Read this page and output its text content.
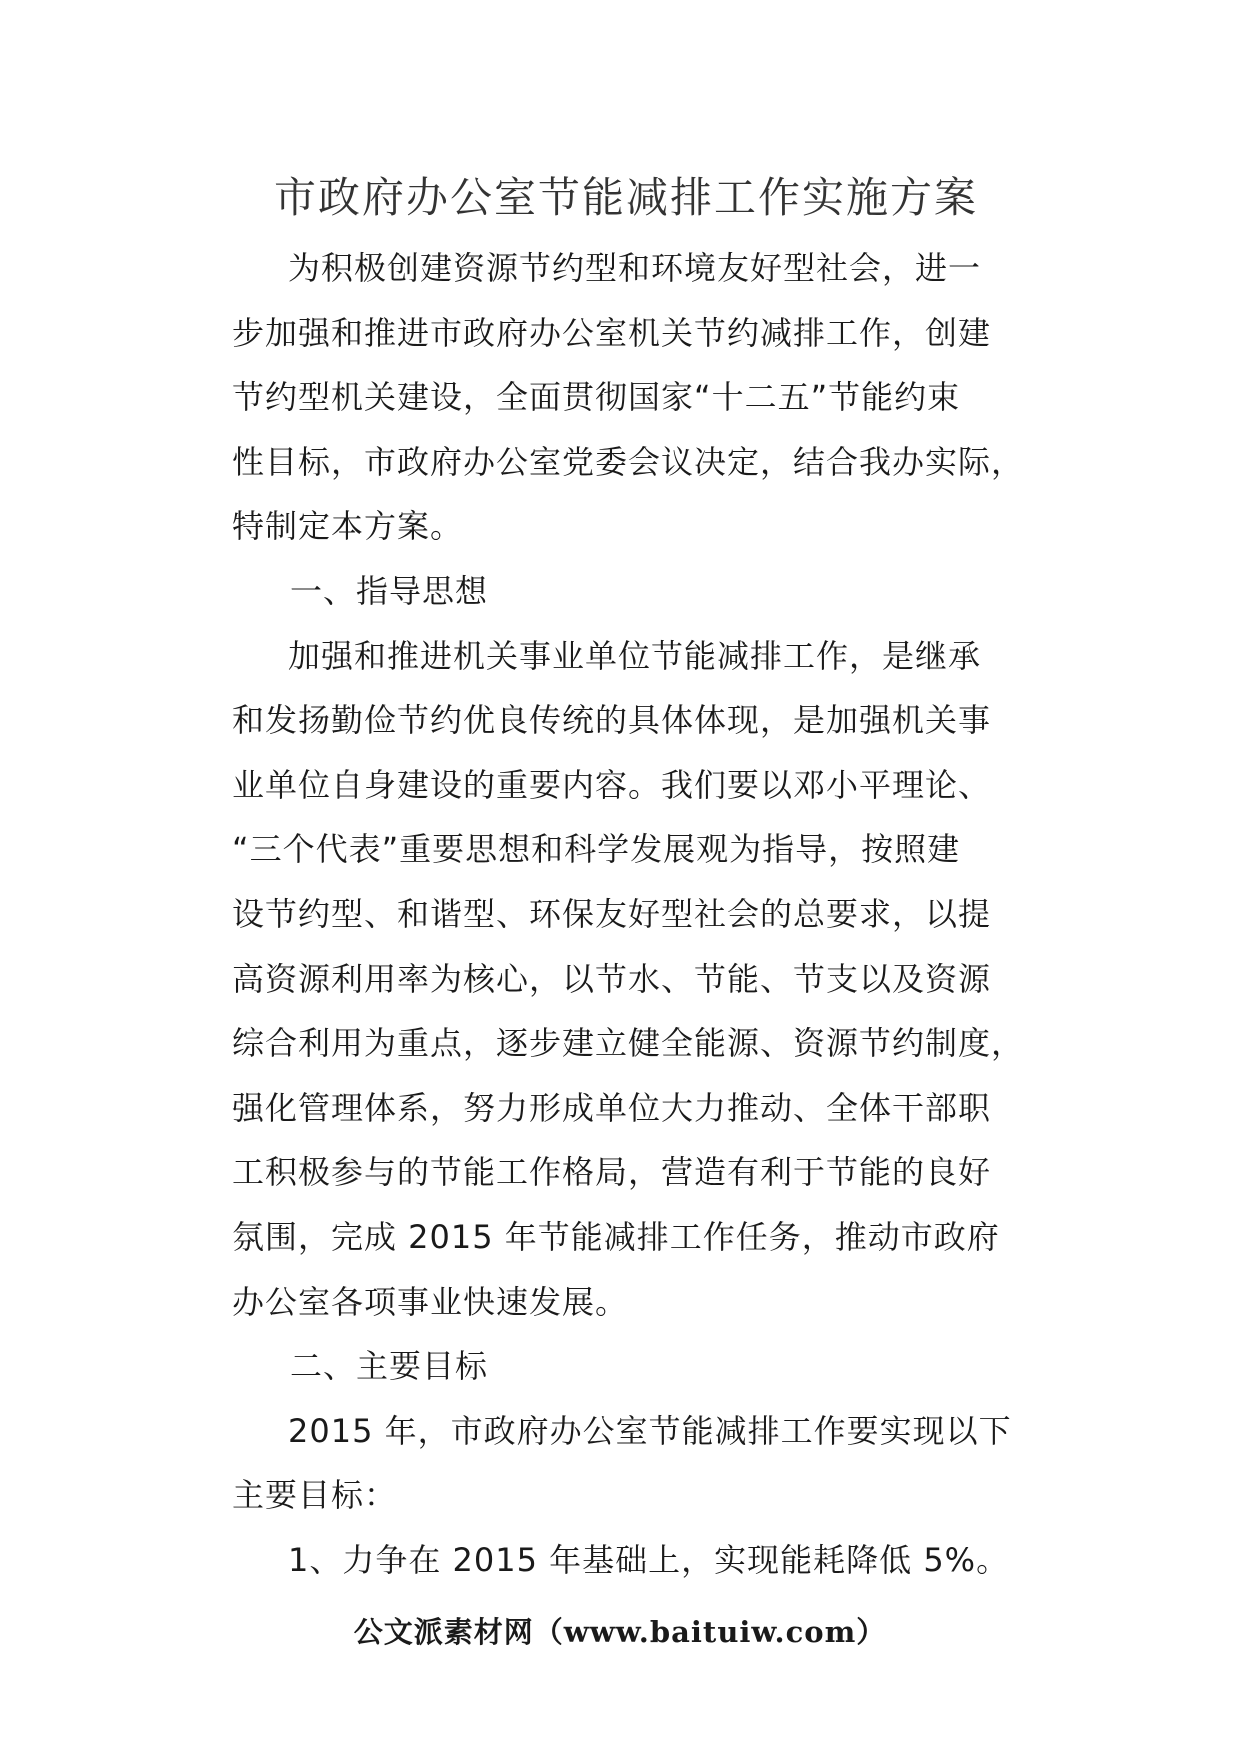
市政府办公室节能减排工作实施方案
为积极创建资源节约型和环境友好型社会，进一
步加强和推进市政府办公室机关节约减排工作，创建
节约型机关建设，全面贯彻国家“十二五”节能约束
性目标，市政府办公室党委会议决定，结合我办实际，
特制定本方案。
一、指导思想
加强和推进机关事业单位节能减排工作，是继承
和发扬勤俭节约优良传统的具体体现，是加强机关事
业单位自身建设的重要内容。我们要以邓小平理论、
“三个代表”重要思想和科学发展观为指导，按照建
设节约型、和谐型、环保友好型社会的总要求，以提
高资源利用率为核心，以节水、节能、节支以及资源
综合利用为重点，逐步建立健全能源、资源节约制度，
强化管理体系，努力形成单位大力推动、全体干部职
工积极参与的节能工作格局，营造有利于节能的良好
氛围，完成 2015 年节能减排工作任务，推动市政府
办公室各项事业快速发展。
二、主要目标
2015 年，市政府办公室节能减排工作要实现以下
主要目标：
1、力争在 2015 年基础上，实现能耗降低 5%。
公文派素材网（www.baituiw.com）
